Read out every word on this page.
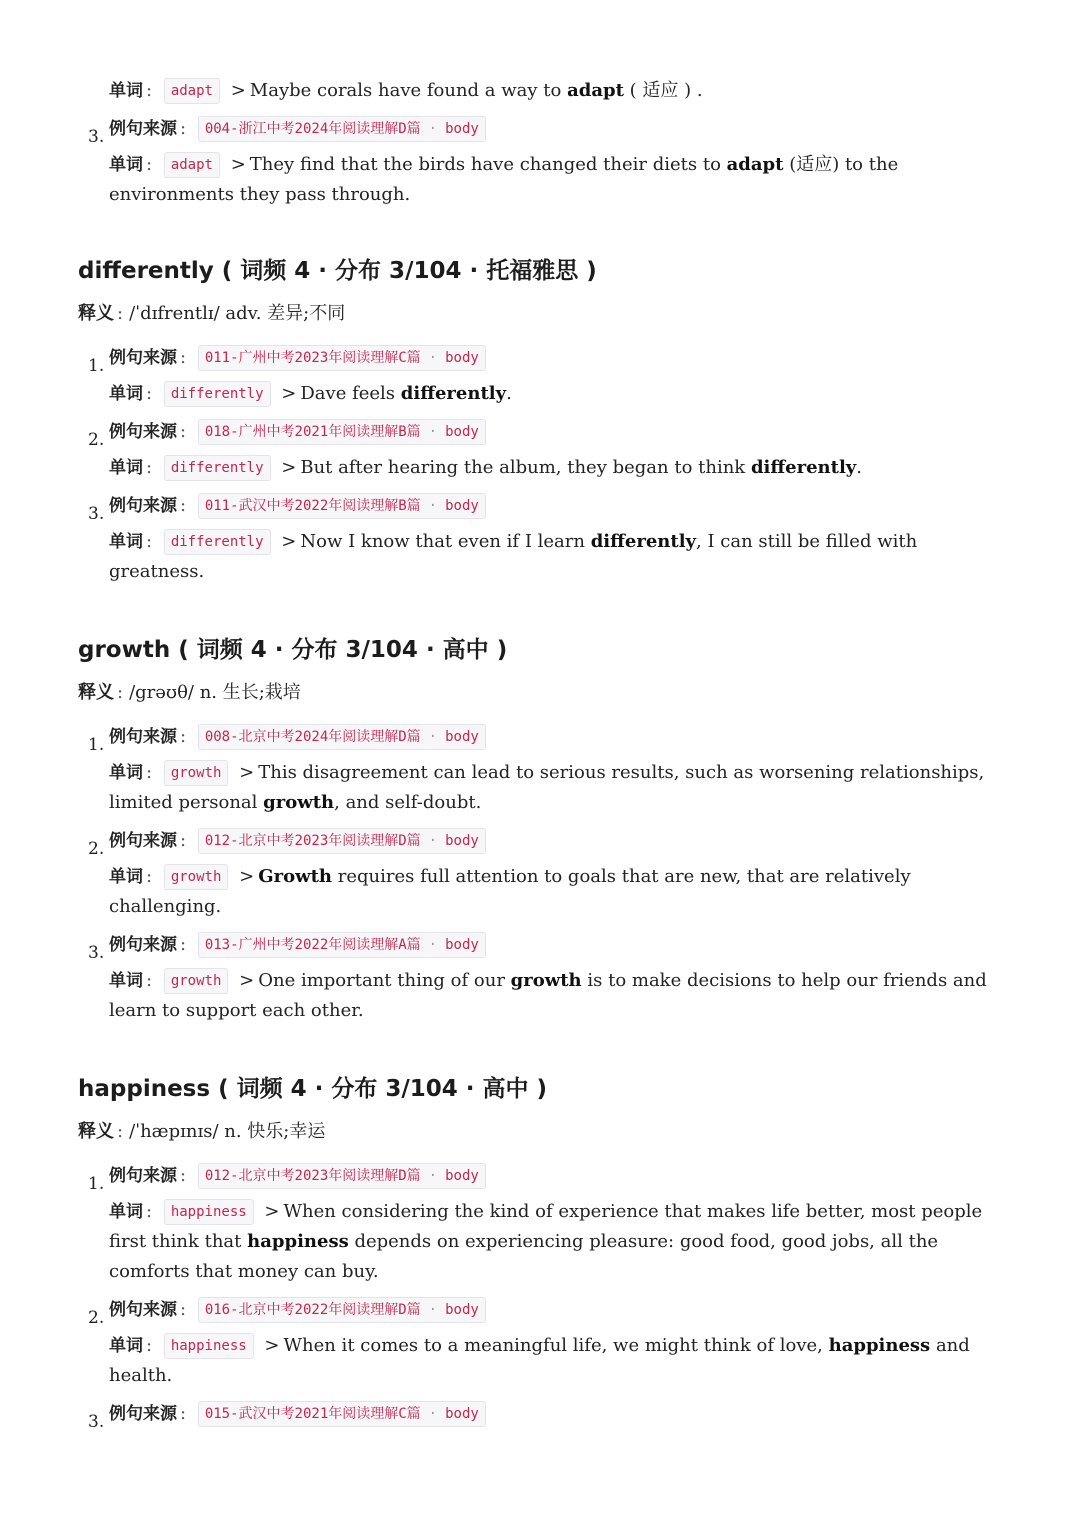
单词 : adapt > Maybe corals have found a way to adapt ( 适应 ) .
3. 例句来源 : 004-浙江中考2024年阅读理解D篇 · body
单词 : adapt > They find that the birds have changed their diets to adapt (适应) to the environments they pass through.
differently ( 词频 4 · 分布 3/104 · 托福雅思 )
释义 : /ˈdɪfrentlɪ/ adv. 差异;不同
1. 例句来源 : 011-广州中考2023年阅读理解C篇 · body
单词 : differently > Dave feels differently.
2. 例句来源 : 018-广州中考2021年阅读理解B篇 · body
单词 : differently > But after hearing the album, they began to think differently.
3. 例句来源 : 011-武汉中考2022年阅读理解B篇 · body
单词 : differently > Now I know that even if I learn differently, I can still be filled with greatness.
growth ( 词频 4 · 分布 3/104 · 高中 )
释义 : /grəʊθ/ n. 生长;栽培
1. 例句来源 : 008-北京中考2024年阅读理解D篇 · body
单词 : growth > This disagreement can lead to serious results, such as worsening relationships, limited personal growth, and self-doubt.
2. 例句来源 : 012-北京中考2023年阅读理解D篇 · body
单词 : growth > Growth requires full attention to goals that are new, that are relatively challenging.
3. 例句来源 : 013-广州中考2022年阅读理解A篇 · body
单词 : growth > One important thing of our growth is to make decisions to help our friends and learn to support each other.
happiness ( 词频 4 · 分布 3/104 · 高中 )
释义 : /ˈhæpɪnɪs/ n. 快乐;幸运
1. 例句来源 : 012-北京中考2023年阅读理解D篇 · body
单词 : happiness > When considering the kind of experience that makes life better, most people first think that happiness depends on experiencing pleasure: good food, good jobs, all the comforts that money can buy.
2. 例句来源 : 016-北京中考2022年阅读理解D篇 · body
单词 : happiness > When it comes to a meaningful life, we might think of love, happiness and health.
3. 例句来源 : 015-武汉中考2021年阅读理解C篇 · body
